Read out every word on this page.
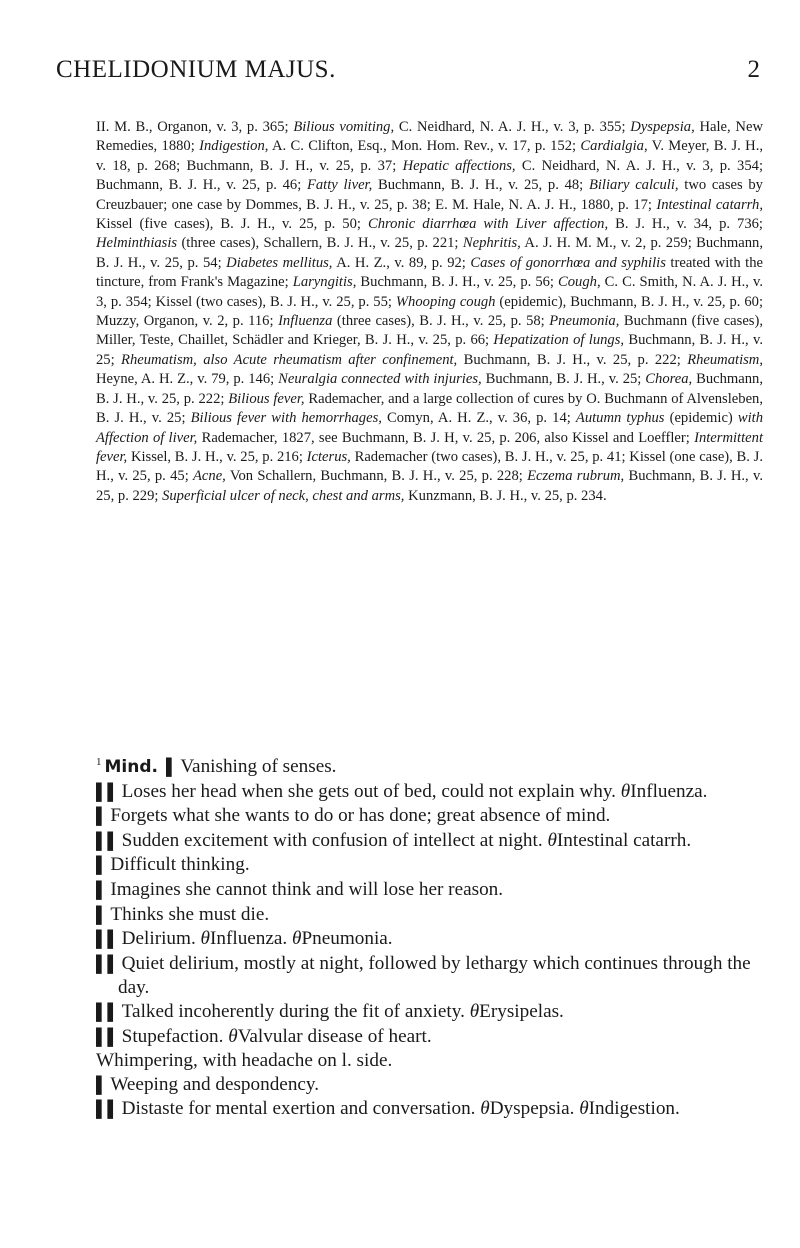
CHELIDONIUM MAJUS.	2

II. M. B., Organon, v. 3, p. 365; Bilious vomiting, C. Neidhard, N. A. J. H., v. 3, p. 355; Dyspepsia, Hale, New Remedies, 1880; Indigestion, A. C. Clifton, Esq., Mon. Hom. Rev., v. 17, p. 152; Cardialgia, V. Meyer, B. J. H., v. 18, p. 268; Buchmann, B. J. H., v. 25, p. 37; Hepatic affections, C. Neidhard, N. A. J. H., v. 3, p. 354; Buchmann, B. J. H., v. 25, p. 46; Fatty liver, Buchmann, B. J. H., v. 25, p. 48; Biliary calculi, two cases by Creuzbauer; one case by Dommes, B. J. H., v. 25, p. 38; E. M. Hale, N. A. J. H., 1880, p. 17; Intestinal catarrh, Kissel (five cases), B. J. H., v. 25, p. 50; Chronic diarrhœa with Liver affection, B. J. H., v. 34, p. 736; Helminthiasis (three cases), Schallern, B. J. H., v. 25, p. 221; Nephritis, A. J. H. M. M., v. 2, p. 259; Buchmann, B. J. H., v. 25, p. 54; Diabetes mellitus, A. H. Z., v. 89, p. 92; Cases of gonorrhœa and syphilis treated with the tincture, from Frank's Magazine; Laryngitis, Buchmann, B. J. H., v. 25, p. 56; Cough, C. C. Smith, N. A. J. H., v. 3, p. 354; Kissel (two cases), B. J. H., v. 25, p. 55; Whooping cough (epidemic), Buchmann, B. J. H., v. 25, p. 60; Muzzy, Organon, v. 2, p. 116; Influenza (three cases), B. J. H., v. 25, p. 58; Pneumonia, Buchmann (five cases), Miller, Teste, Chaillet, Schädler and Krieger, B. J. H., v. 25, p. 66; Hepatization of lungs, Buchmann, B. J. H., v. 25; Rheumatism, also Acute rheumatism after confinement, Buchmann, B. J. H., v. 25, p. 222; Rheumatism, Heyne, A. H. Z., v. 79, p. 146; Neuralgia connected with injuries, Buchmann, B. J. H., v. 25; Chorea, Buchmann, B. J. H., v. 25, p. 222; Bilious fever, Rademacher, and a large collection of cures by O. Buchmann of Alvensleben, B. J. H., v. 25; Bilious fever with hemorrhages, Comyn, A. H. Z., v. 36, p. 14; Autumn typhus (epidemic) with Affection of liver, Rademacher, 1827, see Buchmann, B. J. H, v. 25, p. 206, also Kissel and Loeffler; Intermittent fever, Kissel, B. J. H., v. 25, p. 216; Icterus, Rademacher (two cases), B. J. H., v. 25, p. 41; Kissel (one case), B. J. H., v. 25, p. 45; Acne, Von Schallern, Buchmann, B. J. H., v. 25, p. 228; Eczema rubrum, Buchmann, B. J. H., v. 25, p. 229; Superficial ulcer of neck, chest and arms, Kunzmann, B. J. H., v. 25, p. 234.

$^1$ Mind. ▌ Vanishing of senses.

▌▌ Loses her head when she gets out of bed, could not explain why. θInfluenza.

▌ Forgets what she wants to do or has done; great absence of mind.

▌▌ Sudden excitement with confusion of intellect at night. θIntestinal catarrh.

▌ Difficult thinking.

▌ Imagines she cannot think and will lose her reason.

▌ Thinks she must die.

▌▌ Delirium. θInfluenza. θPneumonia.

▌▌ Quiet delirium, mostly at night, followed by lethargy which continues through the day.

▌▌ Talked incoherently during the fit of anxiety. θErysipelas.

▌▌ Stupefaction. θValvular disease of heart.

Whimpering, with headache on l. side.

▌ Weeping and despondency.

▌▌ Distaste for mental exertion and conversation. θDyspepsia. θIndigestion.
